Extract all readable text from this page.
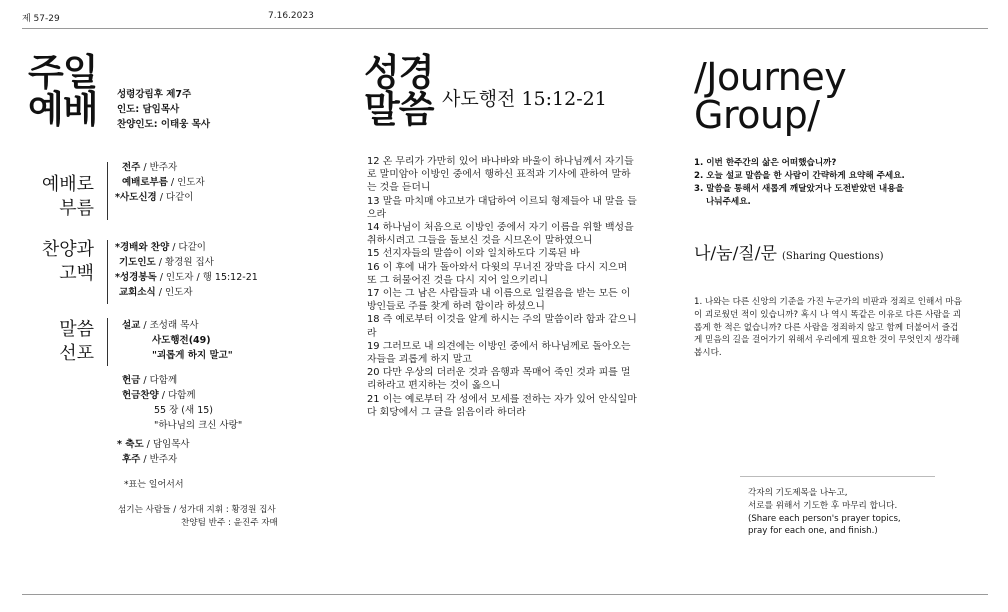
제 57-29	7.16.2023
주일
예배 성령강림후 제7주
인도: 담임목사
찬양인도: 이태웅 목사
예배로
부름
전주 / 반주자
예배로부름 / 인도자
*사도신경 / 다같이
찬양과
고백
*경배와 찬양 / 다같이
기도인도 / 황경원 집사
*성경봉독 / 인도자 / 행 15:12-21
교회소식 / 인도자
말씀
선포
설교 / 조성래 목사
사도행전(49)
"괴롭게 하지 말고"
헌금 / 다함께
헌금찬양 / 다함께
55 장 (새 15)
"하나님의 크신 사랑"
* 축도 / 담임목사
후주 / 반주자
*표는 일어서서
섬기는 사람들 / 성가대 지휘 : 황경원 집사
찬양팀 반주 : 윤진주 자매
성경
말씀 사도행전 15:12-21

12 온 무리가 가만히 있어 바나바와 바울이 하나님께서 자기들로 말미암아 이방인 중에서 행하신 표적과 기사에 관하여 말하는 것을 듣더니

13 말을 마치매 야고보가 대답하여 이르되 형제들아 내 말을 들으라

14 하나님이 처음으로 이방인 중에서 자기 이름을 위할 백성을 취하시려고 그들을 돌보신 것을 시므온이 말하였으니

15 선지자들의 말씀이 이와 일치하도다 기록된 바

16 이 후에 내가 돌아와서 다윗의 무너진 장막을 다시 지으며 또 그 허물어진 것을 다시 지어 일으키리니

17 이는 그 남은 사람들과 내 이름으로 일컬음을 받는 모든 이방인들로 주를 찾게 하려 함이라 하셨으니

18 즉 예로부터 이것을 알게 하시는 주의 말씀이라 함과 같으니라

19 그러므로 내 의견에는 이방인 중에서 하나님께로 돌아오는 자들을 괴롭게 하지 말고

20 다만 우상의 더러운 것과 음행과 목매어 죽인 것과 피를 멀리하라고 편지하는 것이 옳으니

21 이는 예로부터 각 성에서 모세를 전하는 자가 있어 안식일마다 회당에서 그 글을 읽음이라 하더라

/Journey
Group/
1. 이번 한주간의 삶은 어떠했습니까?
2. 오늘 설교 말씀을 한 사람이 간략하게 요약해 주세요.
3. 말씀을 통해서 새롭게 깨달았거나 도전받았던 내용을
나눠주세요.
나/눔/질/문 (Sharing Questions)
1. 나와는 다른 신앙의 기준을 가진 누군가의 비판과 정죄로 인해서 마음이 괴로웠던 적이 있습니까? 혹시 나 역시 똑같은 이유로 다른 사람을 괴롭게 한 적은 없습니까? 다른 사람을 정죄하지 않고 함께 더불어서 즐겁게 믿음의 길을 걸어가기 위해서 우리에게 필요한 것이 무엇인지 생각해 봅시다.
각자의 기도제목을 나누고,
서로를 위해서 기도한 후 마무리 합니다.
(Share each person's prayer topics,
pray for each one, and finish.)
